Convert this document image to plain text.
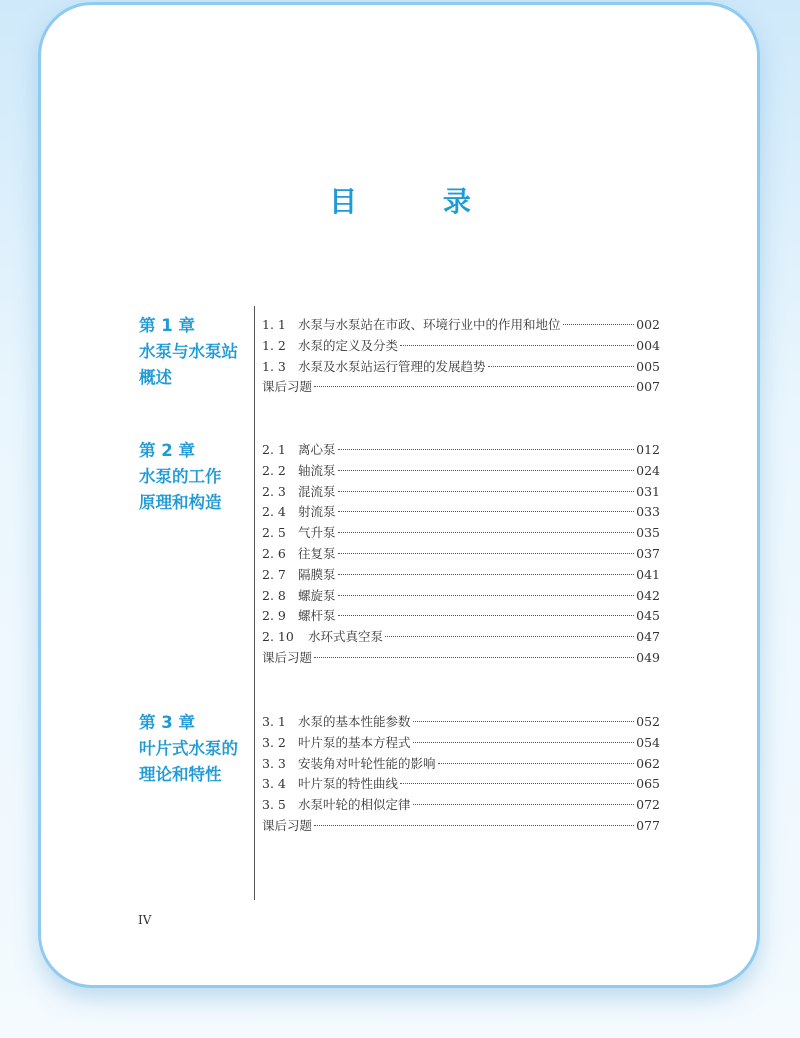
目 录
第 1 章
水泵与水泵站
概述
1. 1 水泵与水泵站在市政、环境行业中的作用和地位	002
1. 2 水泵的定义及分类	004
1. 3 水泵及水泵站运行管理的发展趋势	005
课后习题	007
第 2 章
水泵的工作
原理和构造
2. 1 离心泵	012
2. 2 轴流泵	024
2. 3 混流泵	031
2. 4 射流泵	033
2. 5 气升泵	035
2. 6 往复泵	037
2. 7 隔膜泵	041
2. 8 螺旋泵	042
2. 9 螺杆泵	045
2. 10	水环式真空泵	047
课后习题	049
第 3 章
叶片式水泵的
理论和特性
3. 1 水泵的基本性能参数	052
3. 2 叶片泵的基本方程式	054
3. 3 安装角对叶轮性能的影响	062
3. 4 叶片泵的特性曲线	065
3. 5 水泵叶轮的相似定律	072
课后习题	077
IV
